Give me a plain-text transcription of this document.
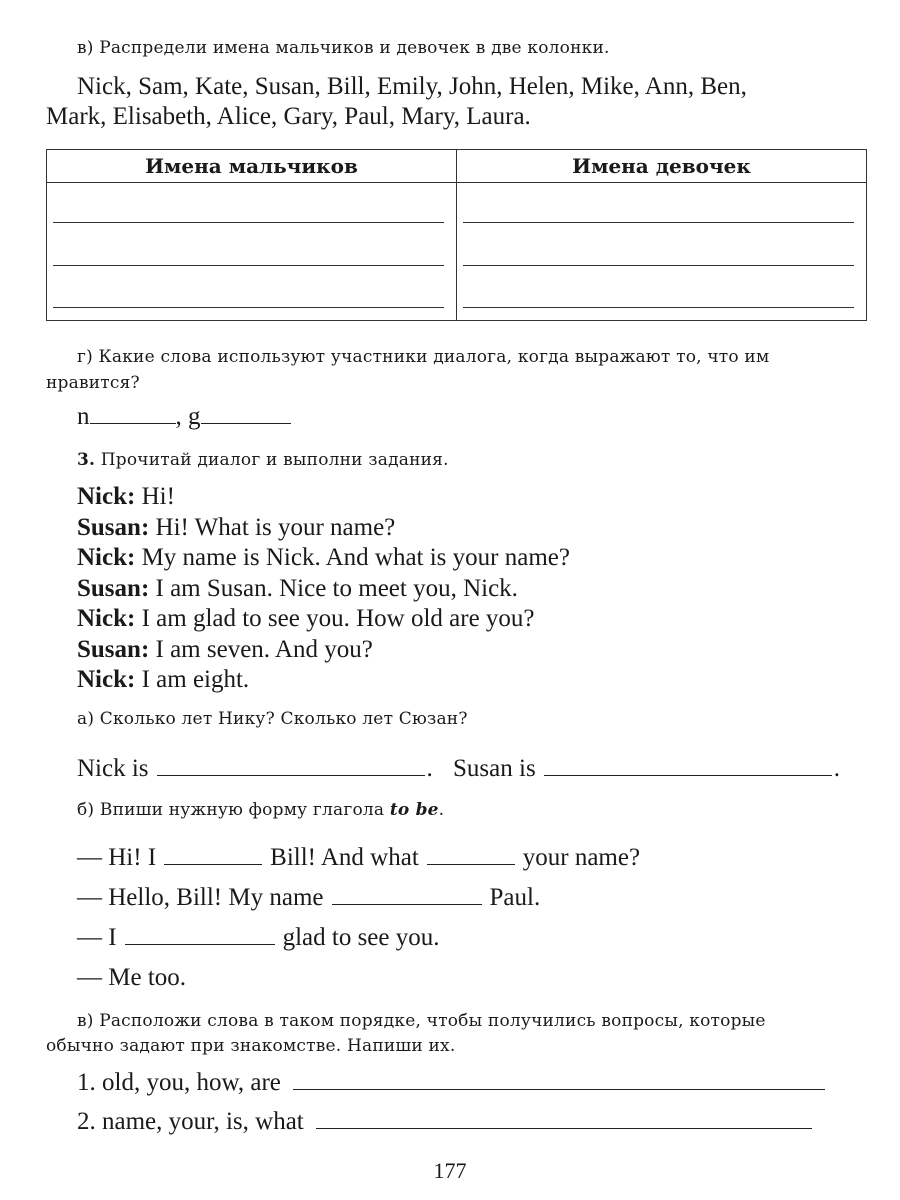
в) Распредели имена мальчиков и девочек в две колонки.
Nick, Sam, Kate, Susan, Bill, Emily, John, Helen, Mike, Ann, Ben,
Mark, Elisabeth, Alice, Gary, Paul, Mary, Laura.
Имена мальчиков	Имена девочек

г) Какие слова используют участники диалога, когда выражают то, что им
нравится?
n	, g
3. Прочитай диалог и выполни задания.
Nick: Hi!
Susan: Hi! What is your name?
Nick: My name is Nick. And what is your name?
Susan: I am Susan. Nice to meet you, Nick.
Nick: I am glad to see you. How old are you?
Susan: I am seven. And you?
Nick: I am eight.
а) Сколько лет Нику? Сколько лет Сюзан?
Nick is	. Susan is	.
б) Впиши нужную форму глагола to be.
— Hi! I	Bill! And what	your name?
— Hello, Bill! My name	Paul.
— I	glad to see you.
— Me too.
в) Расположи слова в таком порядке, чтобы получились вопросы, которые
обычно задают при знакомстве. Напиши их.
1. old, you, how, are
2. name, your, is, what
177
